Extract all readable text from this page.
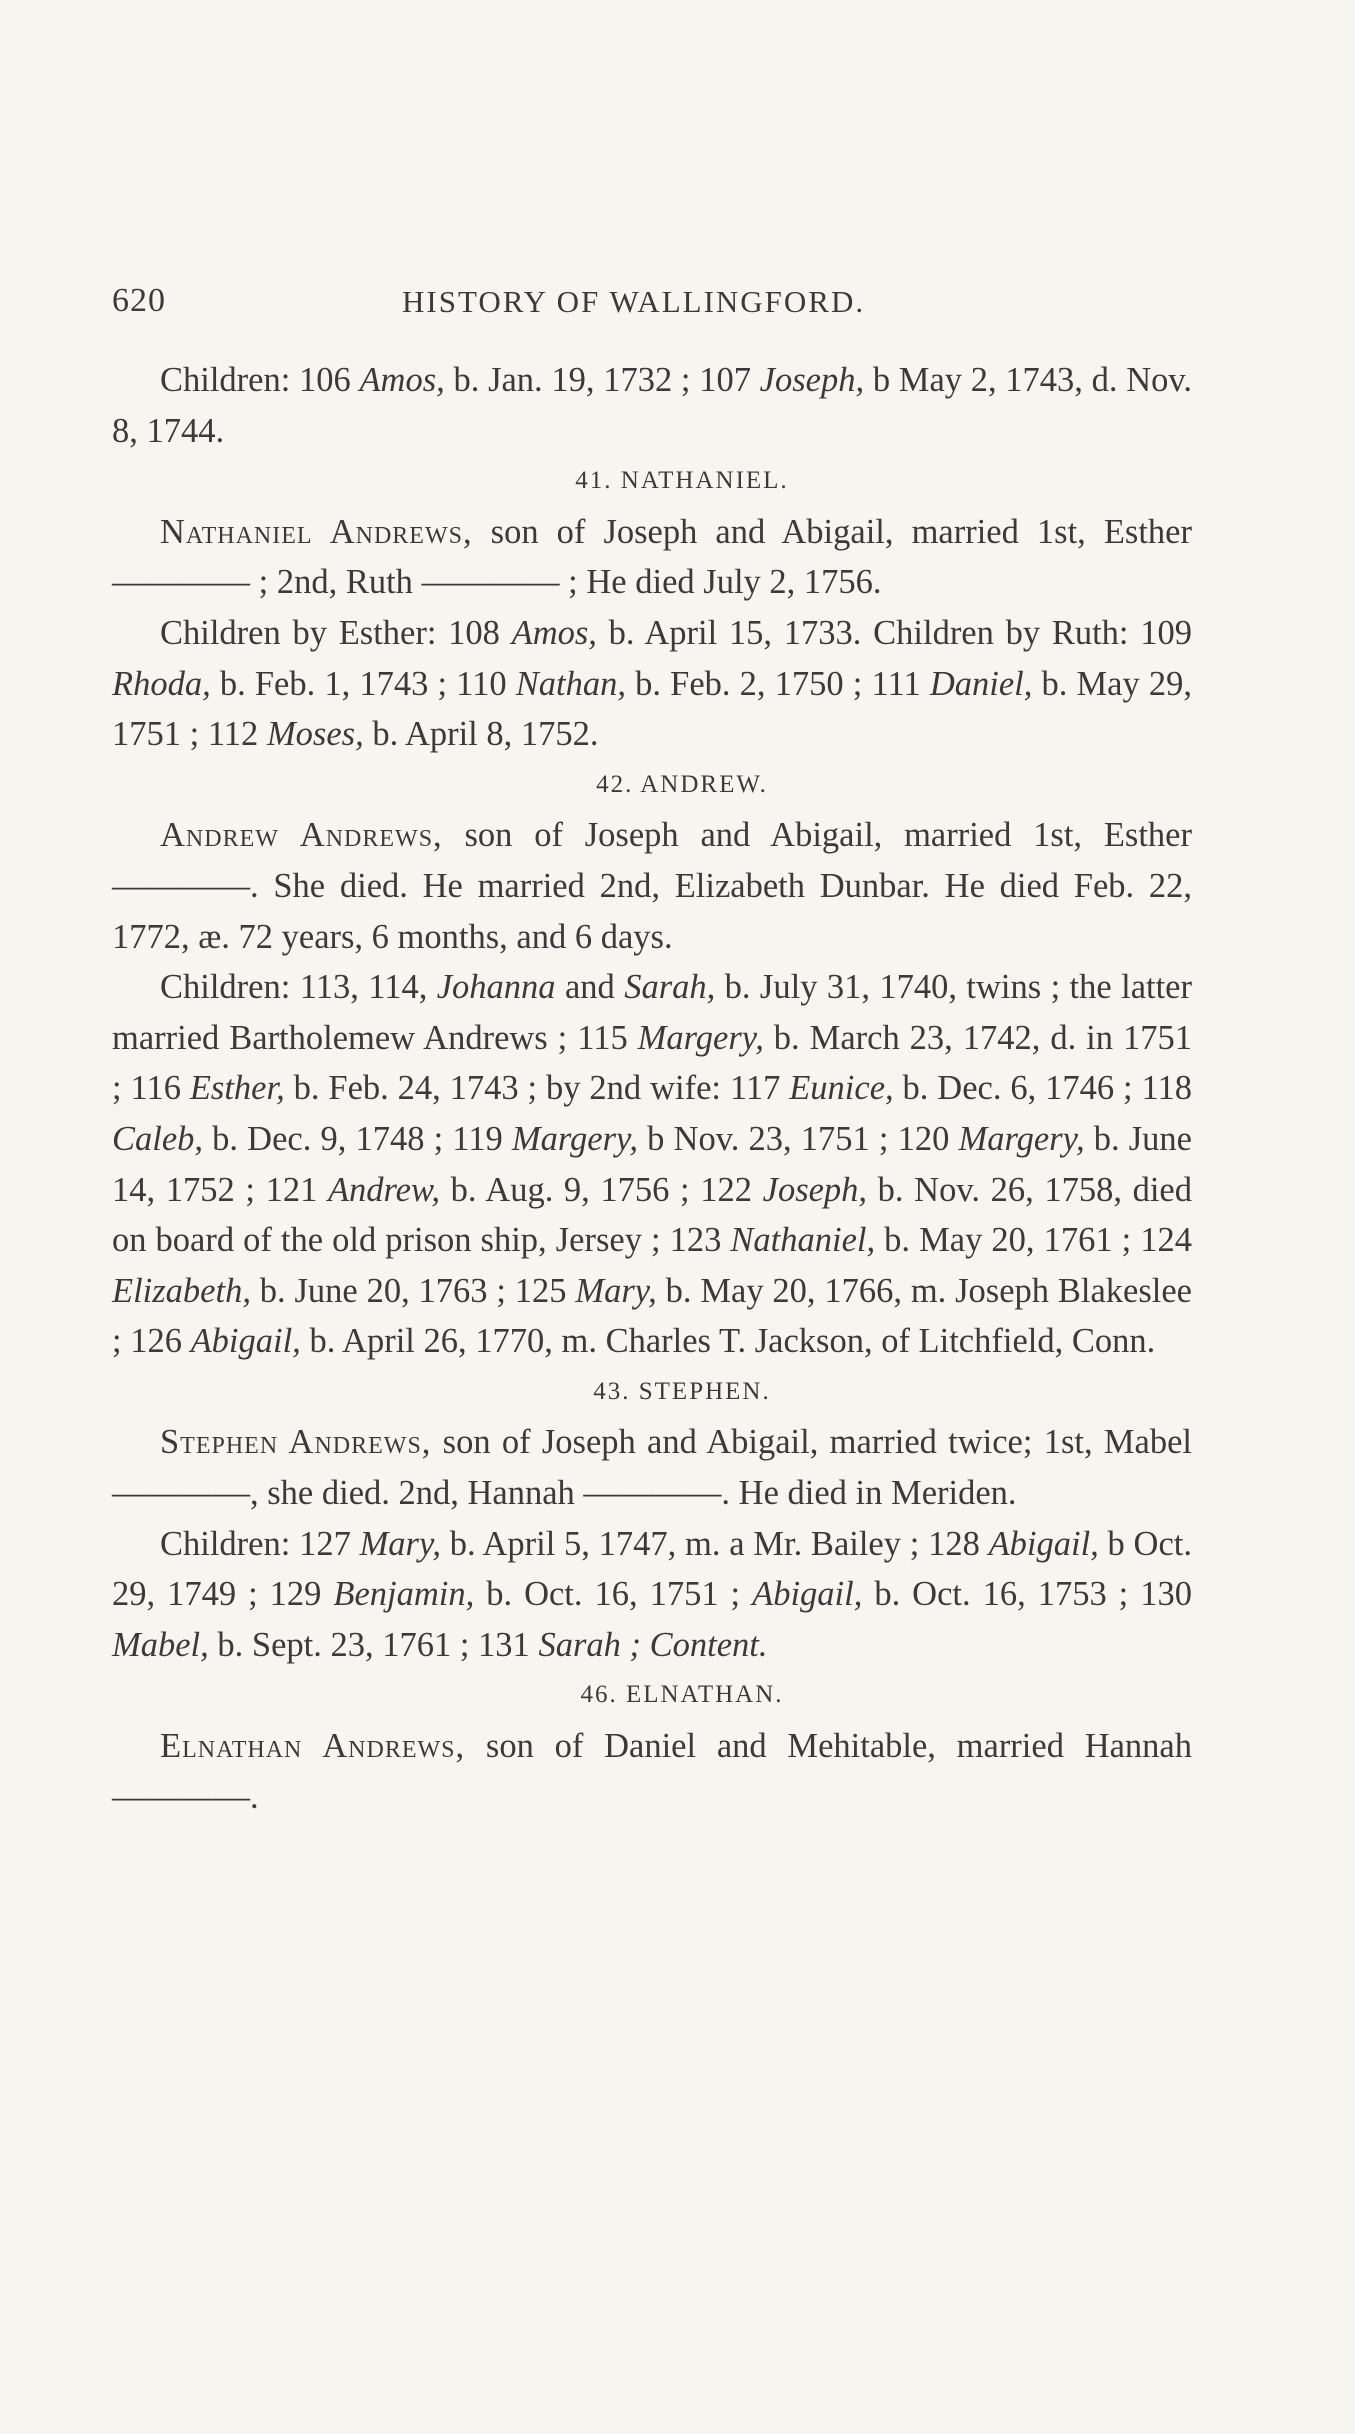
620	HISTORY OF WALLINGFORD.

Children: 106 Amos, b. Jan. 19, 1732 ; 107 Joseph, b May 2, 1743, d. Nov. 8, 1744.

41. NATHANIEL.

Nathaniel Andrews, son of Joseph and Abigail, married 1st, Esther ———— ; 2nd, Ruth ———— ; He died July 2, 1756.

Children by Esther: 108 Amos, b. April 15, 1733. Children by Ruth: 109 Rhoda, b. Feb. 1, 1743 ; 110 Nathan, b. Feb. 2, 1750 ; 111 Daniel, b. May 29, 1751 ; 112 Moses, b. April 8, 1752.

42. ANDREW.

Andrew Andrews, son of Joseph and Abigail, married 1st, Esther ————. She died. He married 2nd, Elizabeth Dunbar. He died Feb. 22, 1772, æ. 72 years, 6 months, and 6 days.

Children: 113, 114, Johanna and Sarah, b. July 31, 1740, twins ; the latter married Bartholemew Andrews ; 115 Margery, b. March 23, 1742, d. in 1751 ; 116 Esther, b. Feb. 24, 1743 ; by 2nd wife: 117 Eunice, b. Dec. 6, 1746 ; 118 Caleb, b. Dec. 9, 1748 ; 119 Margery, b Nov. 23, 1751 ; 120 Margery, b. June 14, 1752 ; 121 Andrew, b. Aug. 9, 1756 ; 122 Joseph, b. Nov. 26, 1758, died on board of the old prison ship, Jersey ; 123 Nathaniel, b. May 20, 1761 ; 124 Elizabeth, b. June 20, 1763 ; 125 Mary, b. May 20, 1766, m. Joseph Blakeslee ; 126 Abigail, b. April 26, 1770, m. Charles T. Jackson, of Litchfield, Conn.

43. STEPHEN.

Stephen Andrews, son of Joseph and Abigail, married twice; 1st, Mabel ————, she died. 2nd, Hannah ————. He died in Meriden.

Children: 127 Mary, b. April 5, 1747, m. a Mr. Bailey ; 128 Abigail, b Oct. 29, 1749 ; 129 Benjamin, b. Oct. 16, 1751 ; Abigail, b. Oct. 16, 1753 ; 130 Mabel, b. Sept. 23, 1761 ; 131 Sarah ; Content.

46. ELNATHAN.

Elnathan Andrews, son of Daniel and Mehitable, married Hannah ————.
